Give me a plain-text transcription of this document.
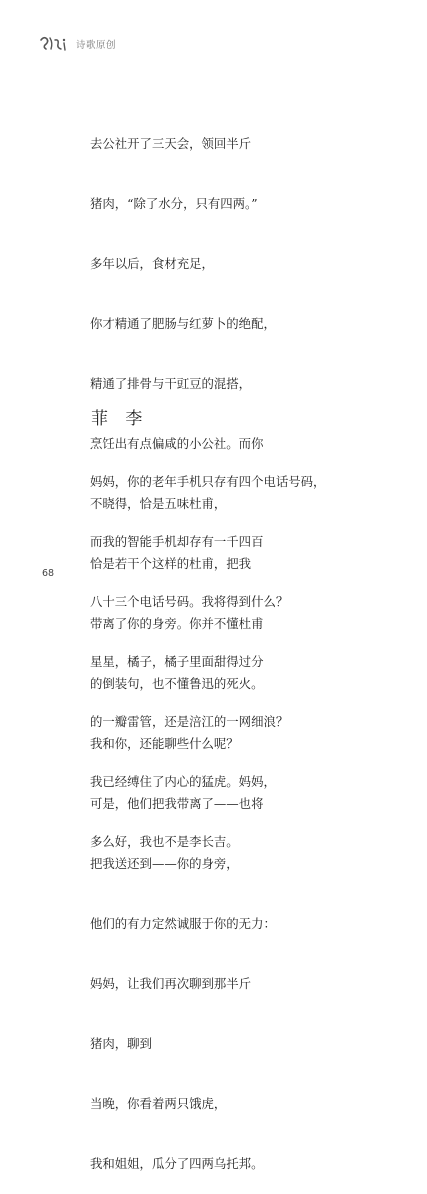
诗歌原创

去公社开了三天会，领回半斤

猪肉，“除了水分，只有四两。”

多年以后，食材充足，

你才精通了肥肠与红萝卜的绝配，

精通了排骨与干豇豆的混搭，

烹饪出有点偏咸的小公社。而你

不晓得，恰是五味杜甫，

恰是若干个这样的杜甫，把我

带离了你的身旁。你并不懂杜甫

的倒装句，也不懂鲁迅的死火。

我和你，还能聊些什么呢？

可是，他们把我带离了——也将

把我送还到——你的身旁，

他们的有力定然诚服于你的无力：

妈妈，让我们再次聊到那半斤

猪肉，聊到

当晚，你看着两只饿虎，

我和姐姐，瓜分了四两乌托邦。

菲 李

妈妈，你的老年手机只存有四个电话号码，

而我的智能手机却存有一千四百

八十三个电话号码。我将得到什么？

星星，橘子，橘子里面甜得过分

的一瓣雷管，还是涪江的一网细浪？

我已经缚住了内心的猛虎。妈妈，

多么好，我也不是李长吉。

68
